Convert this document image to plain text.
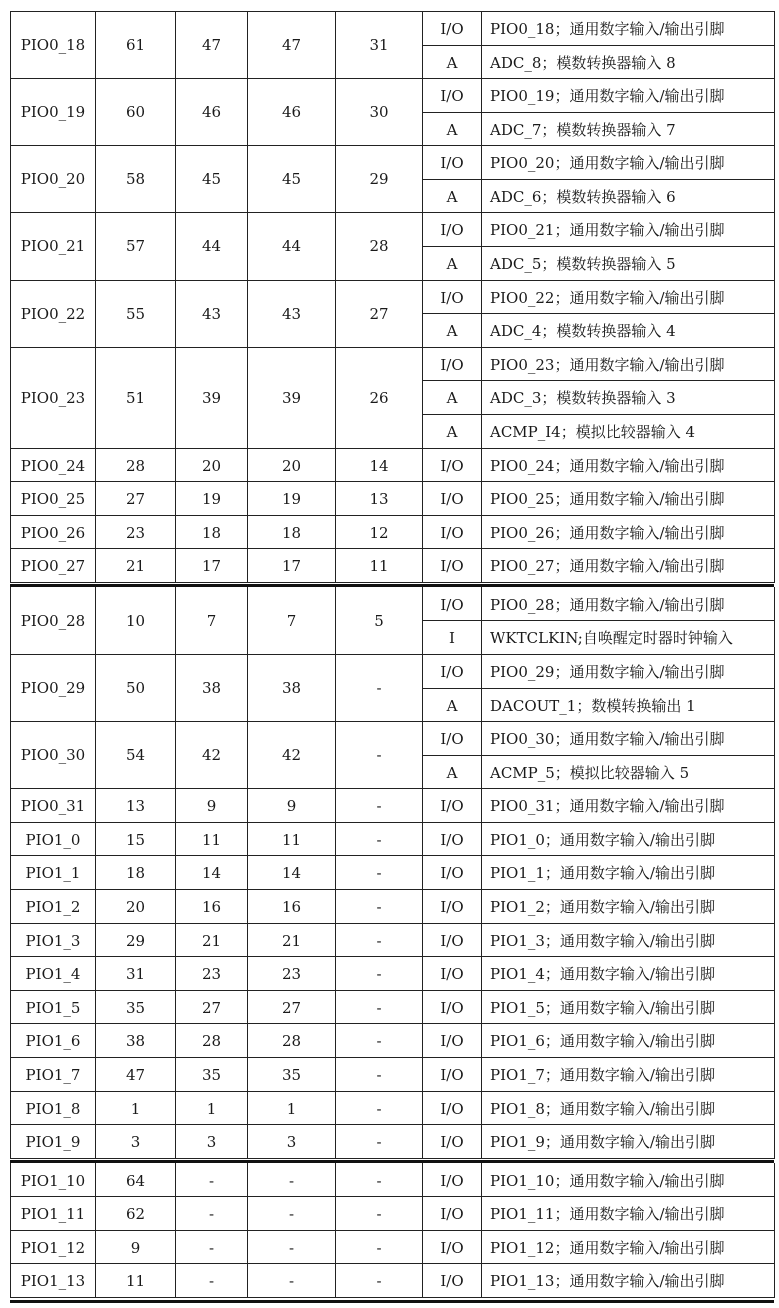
PIO0_18	61	47	47	31
I/O	PIO0_18；通用数字输入/输出引脚
A	ADC_8；模数转换器输入 8
PIO0_19	60	46	46	30
I/O	PIO0_19；通用数字输入/输出引脚
A	ADC_7；模数转换器输入 7
PIO0_20	58	45	45	29
I/O	PIO0_20；通用数字输入/输出引脚
A	ADC_6；模数转换器输入 6
PIO0_21	57	44	44	28
I/O	PIO0_21；通用数字输入/输出引脚
A	ADC_5；模数转换器输入 5
PIO0_22	55	43	43	27
I/O	PIO0_22；通用数字输入/输出引脚
A	ADC_4；模数转换器输入 4
PIO0_23	51	39	39	26
I/O	PIO0_23；通用数字输入/输出引脚
A	ADC_3；模数转换器输入 3
A	ACMP_I4；模拟比较器输入 4
PIO0_24	28	20	20	14	I/O	PIO0_24；通用数字输入/输出引脚
PIO0_25	27	19	19	13	I/O	PIO0_25；通用数字输入/输出引脚
PIO0_26	23	18	18	12	I/O	PIO0_26；通用数字输入/输出引脚
PIO0_27	21	17	17	11	I/O	PIO0_27；通用数字输入/输出引脚
PIO0_28	10	7	7	5
I/O	PIO0_28；通用数字输入/输出引脚
I	WKTCLKIN;自唤醒定时器时钟输入
PIO0_29	50	38	38	-
I/O	PIO0_29；通用数字输入/输出引脚
A	DACOUT_1；数模转换输出 1
PIO0_30	54	42	42	-
I/O	PIO0_30；通用数字输入/输出引脚
A	ACMP_5；模拟比较器输入 5
PIO0_31	13	9	9	-	I/O	PIO0_31；通用数字输入/输出引脚
PIO1_0	15	11	11	-	I/O	PIO1_0；通用数字输入/输出引脚
PIO1_1	18	14	14	-	I/O	PIO1_1；通用数字输入/输出引脚
PIO1_2	20	16	16	-	I/O	PIO1_2；通用数字输入/输出引脚
PIO1_3	29	21	21	-	I/O	PIO1_3；通用数字输入/输出引脚
PIO1_4	31	23	23	-	I/O	PIO1_4；通用数字输入/输出引脚
PIO1_5	35	27	27	-	I/O	PIO1_5；通用数字输入/输出引脚
PIO1_6	38	28	28	-	I/O	PIO1_6；通用数字输入/输出引脚
PIO1_7	47	35	35	-	I/O	PIO1_7；通用数字输入/输出引脚
PIO1_8	1	1	1	-	I/O	PIO1_8；通用数字输入/输出引脚
PIO1_9	3	3	3	-	I/O	PIO1_9；通用数字输入/输出引脚
PIO1_10	64	-	-	-	I/O	PIO1_10；通用数字输入/输出引脚
PIO1_11	62	-	-	-	I/O	PIO1_11；通用数字输入/输出引脚
PIO1_12	9	-	-	-	I/O	PIO1_12；通用数字输入/输出引脚
PIO1_13	11	-	-	-	I/O	PIO1_13；通用数字输入/输出引脚
